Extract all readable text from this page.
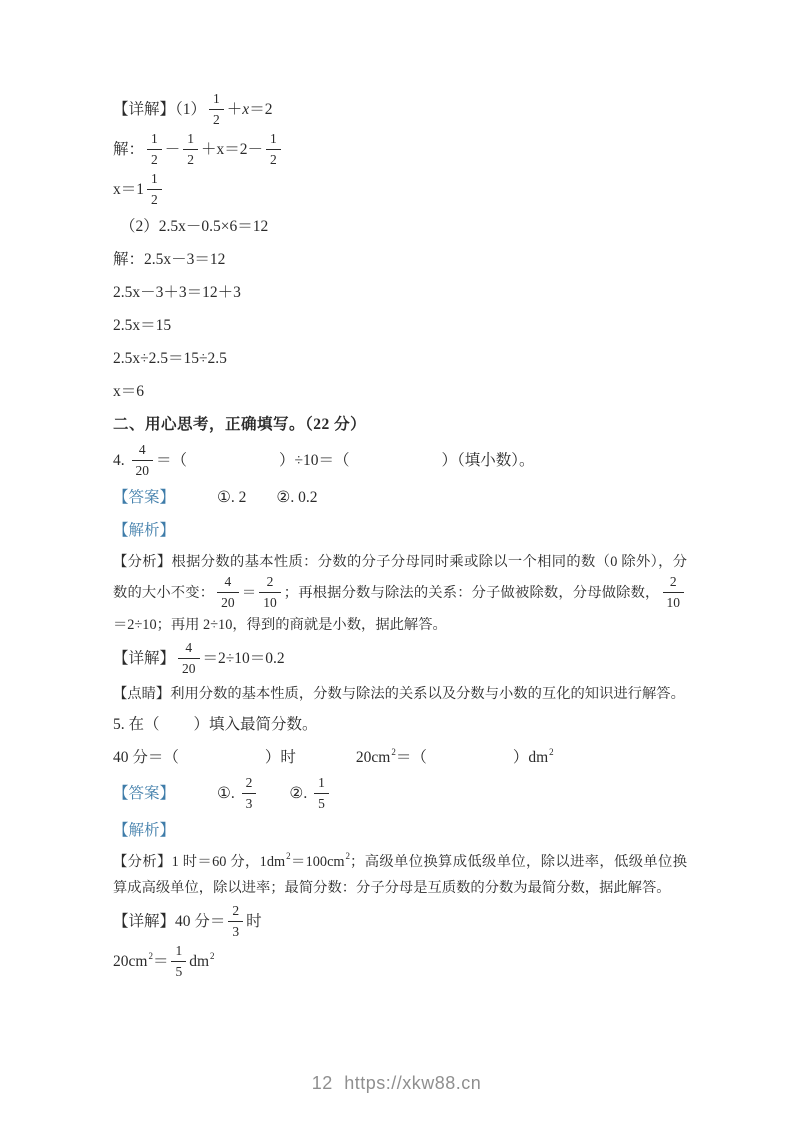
【详解】$(1) \frac{1}{2} +x=2$
解： $\frac{1}{2} - \frac{1}{2} +x=2- \frac{1}{2}$
$x=1 \frac{1}{2}$
（2）2.5x－0.5×6＝12
解：2.5x－3＝12
2.5x－3＋3＝12＋3
2.5x＝15
2.5x÷2.5＝15÷2.5
x＝6
二、用心思考，正确填写。（22 分）
4. $\frac{4}{20}$ ＝（	）÷10＝（	）（填小数）。
【答案】	①. 2 ②. 0.2
【解析】
【分析】根据分数的基本性质：分数的分子分母同时乘或除以一个相同的数（0 除外），分数的大小不变： $\frac{4}{20} = \frac{2}{10}$ ；再根据分数与除法的关系：分子做被除数，分母做除数， $\frac{2}{10}$
＝2÷10；再用 2÷10，得到的商就是小数，据此解答。
【详解】 $\frac{4}{20} =2\div 10=0.2$
【点睛】利用分数的基本性质，分数与除法的关系以及分数与小数的互化的知识进行解答。
5. 在（ ）填入最简分数。
40 分＝（	）时	$20cm^2=$（	）$dm^2$
【答案】	①. $\frac{2}{3}$ ②. $\frac{1}{5}$
【解析】
【分析】1 时＝60 分，$1dm^2=100cm^2$；高级单位换算成低级单位，除以进率，低级单位换算成高级单位，除以进率；最简分数：分子分母是互质数的分数为最简分数，据此解答。
【详解】40 分＝ $\frac{2}{3}$ 时
$20cm^2= \frac{1}{5} dm^2$
12 https://xkw88.cn
